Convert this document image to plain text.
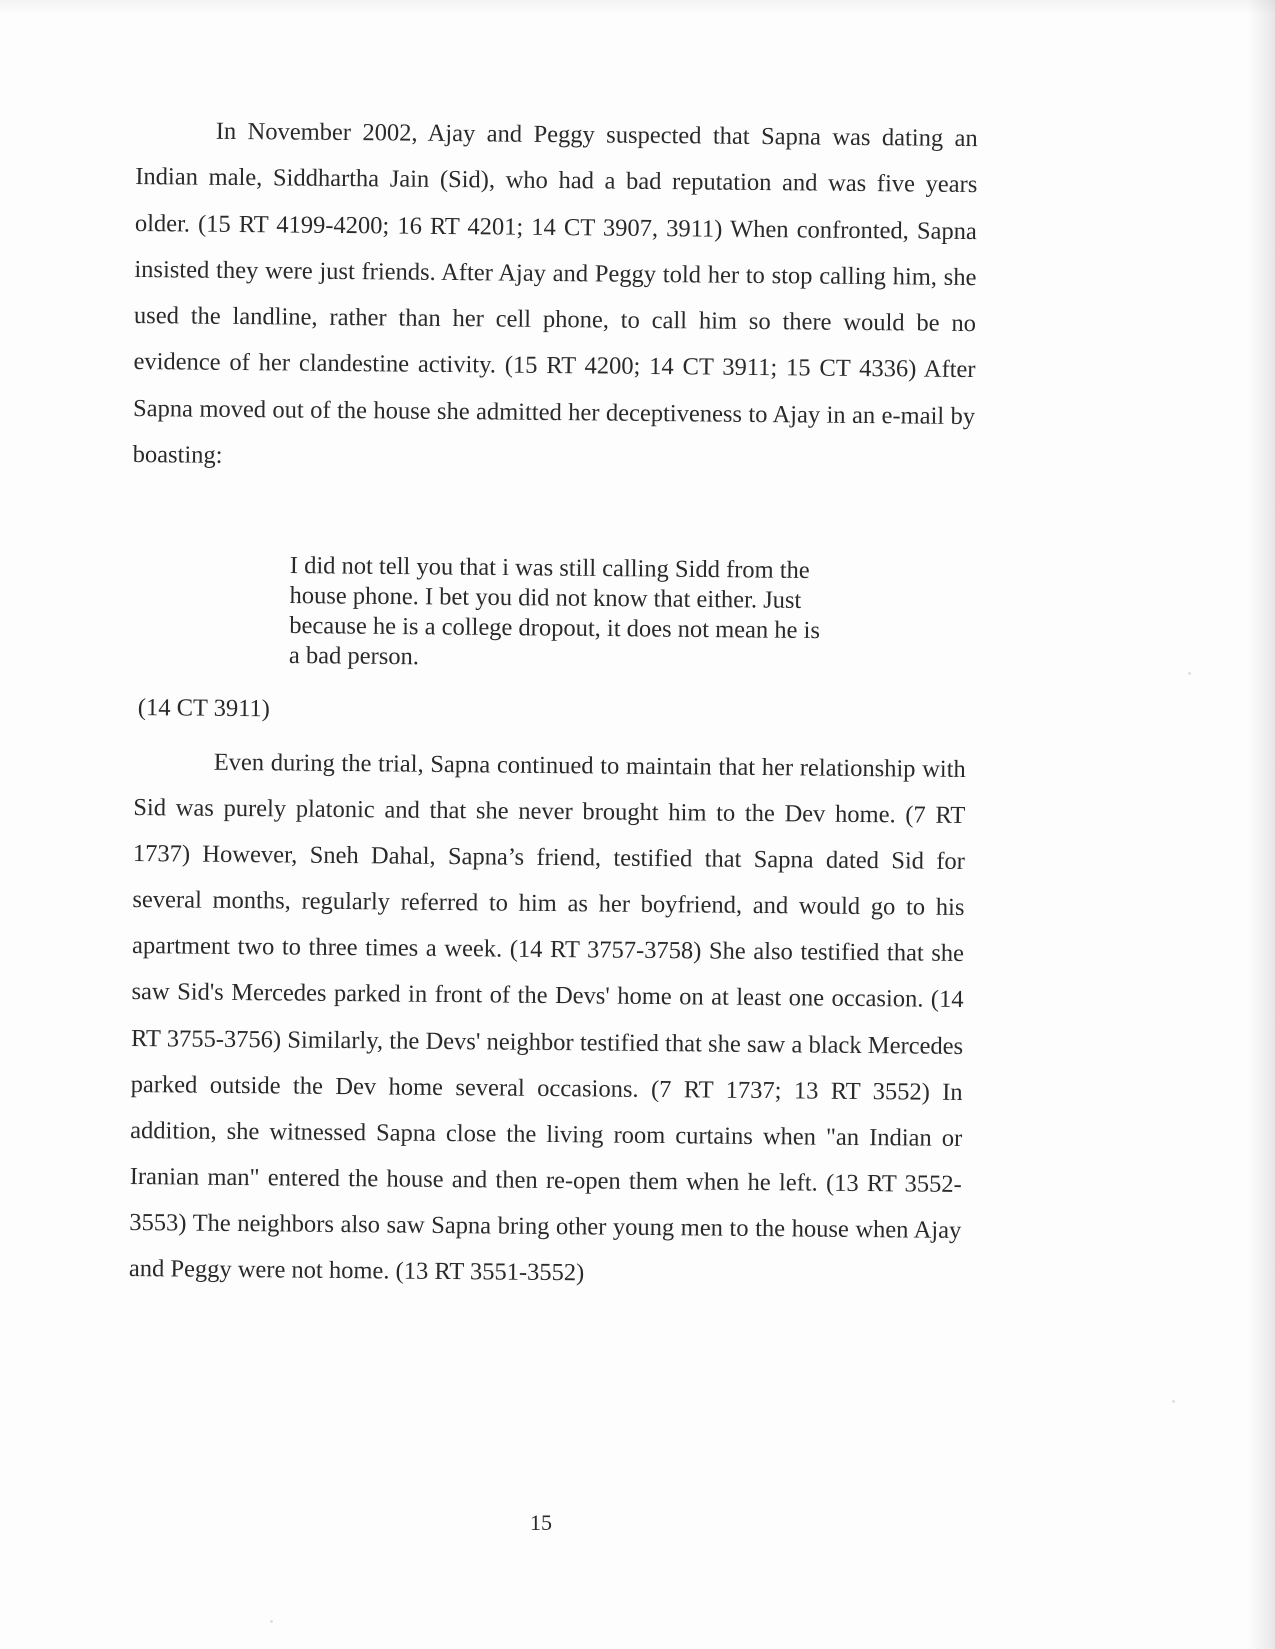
In November 2002, Ajay and Peggy suspected that Sapna was dating an Indian male, Siddhartha Jain (Sid), who had a bad reputation and was five years older. (15 RT 4199-4200; 16 RT 4201; 14 CT 3907, 3911) When confronted, Sapna insisted they were just friends. After Ajay and Peggy told her to stop calling him, she used the landline, rather than her cell phone, to call him so there would be no evidence of her clandestine activity. (15 RT 4200; 14 CT 3911; 15 CT 4336) After Sapna moved out of the house she admitted her deceptiveness to Ajay in an e-mail by boasting:

I did not tell you that i was still calling Sidd from the house phone. I bet you did not know that either. Just because he is a college dropout, it does not mean he is a bad person.

(14 CT 3911)

Even during the trial, Sapna continued to maintain that her relationship with Sid was purely platonic and that she never brought him to the Dev home. (7 RT 1737) However, Sneh Dahal, Sapna’s friend, testified that Sapna dated Sid for several months, regularly referred to him as her boyfriend, and would go to his apartment two to three times a week. (14 RT 3757-3758) She also testified that she saw Sid's Mercedes parked in front of the Devs' home on at least one occasion. (14 RT 3755-3756) Similarly, the Devs' neighbor testified that she saw a black Mercedes parked outside the Dev home several occasions. (7 RT 1737; 13 RT 3552) In addition, she witnessed Sapna close the living room curtains when "an Indian or Iranian man" entered the house and then re-open them when he left. (13 RT 3552-3553) The neighbors also saw Sapna bring other young men to the house when Ajay and Peggy were not home. (13 RT 3551-3552)

15
